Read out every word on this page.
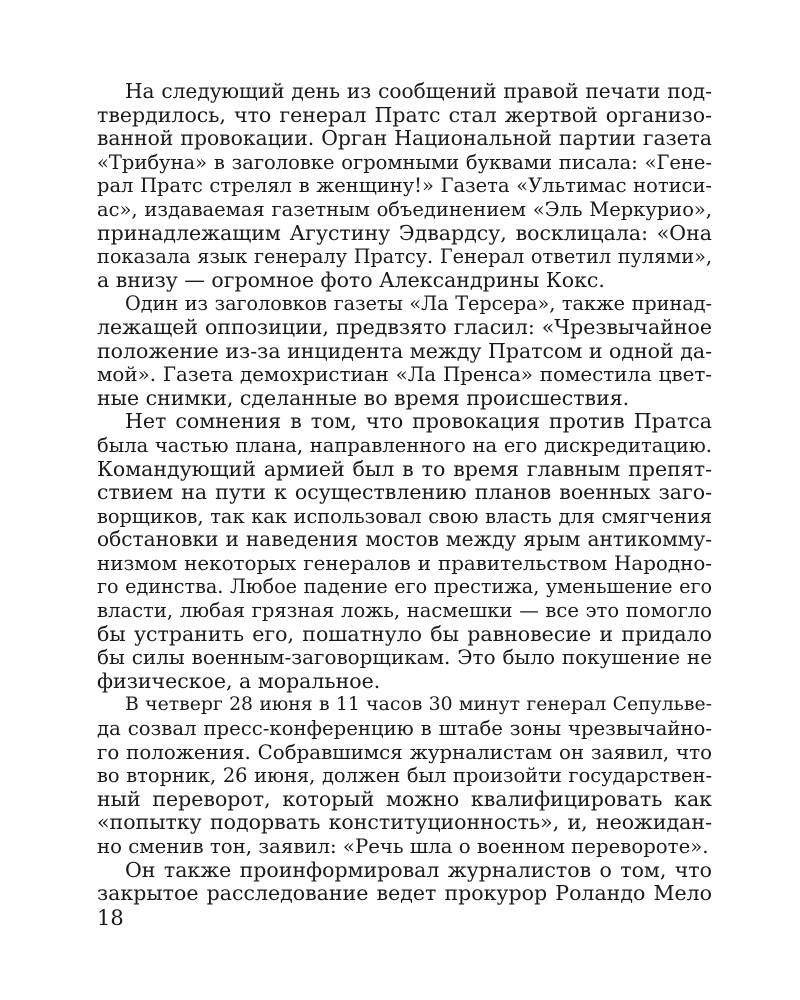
На следующий день из сообщений правой печати под-
твердилось, что генерал Пратс стал жертвой организо-
ванной провокации. Орган Национальной партии газета
«Трибуна» в заголовке огромными буквами писала: «Гене-
рал Пратс стрелял в женщину!» Газета «Ультимас нотиси-
ас», издаваемая газетным объединением «Эль Меркурио»,
принадлежащим Агустину Эдвардсу, восклицала: «Она
показала язык генералу Пратсу. Генерал ответил пулями»,
а внизу — огромное фото Александрины Кокс.
Один из заголовков газеты «Ла Терсера», также принад-
лежащей оппозиции, предвзято гласил: «Чрезвычайное
положение из-за инцидента между Пратсом и одной да-
мой». Газета демохристиан «Ла Пренса» поместила цвет-
ные снимки, сделанные во время происшествия.
Нет сомнения в том, что провокация против Пратса
была частью плана, направленного на его дискредитацию.
Командующий армией был в то время главным препят-
ствием на пути к осуществлению планов военных заго-
ворщиков, так как использовал свою власть для смягчения
обстановки и наведения мостов между ярым антикомму-
низмом некоторых генералов и правительством Народно-
го единства. Любое падение его престижа, уменьшение его
власти, любая грязная ложь, насмешки — все это помогло
бы устранить его, пошатнуло бы равновесие и придало
бы силы военным-заговорщикам. Это было покушение не
физическое, а моральное.
В четверг 28 июня в 11 часов 30 минут генерал Сепульве-
да созвал пресс-конференцию в штабе зоны чрезвычайно-
го положения. Собравшимся журналистам он заявил, что
во вторник, 26 июня, должен был произойти государствен-
ный переворот, который можно квалифицировать как
«попытку подорвать конституционность», и, неожидан-
но сменив тон, заявил: «Речь шла о военном перевороте».
Он также проинформировал журналистов о том, что
закрытое расследование ведет прокурор Роландо Мело
18
